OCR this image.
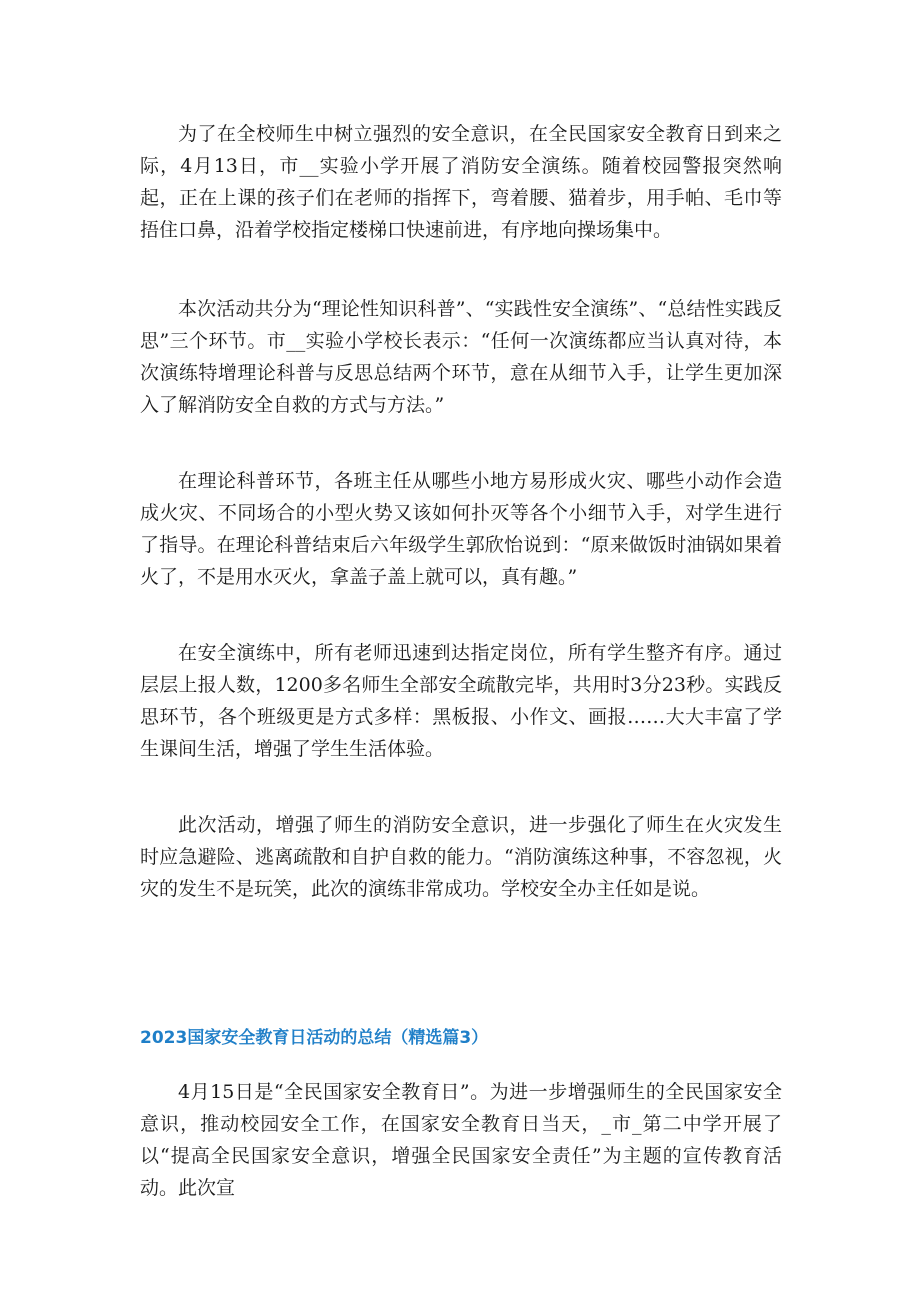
为了在全校师生中树立强烈的安全意识，在全民国家安全教育日到来之际，4月13日，市__实验小学开展了消防安全演练。随着校园警报突然响起，正在上课的孩子们在老师的指挥下，弯着腰、猫着步，用手帕、毛巾等捂住口鼻，沿着学校指定楼梯口快速前进，有序地向操场集中。

本次活动共分为“理论性知识科普”、“实践性安全演练”、“总结性实践反思”三个环节。市__实验小学校长表示：“任何一次演练都应当认真对待，本次演练特增理论科普与反思总结两个环节，意在从细节入手，让学生更加深入了解消防安全自救的方式与方法。”

在理论科普环节，各班主任从哪些小地方易形成火灾、哪些小动作会造成火灾、不同场合的小型火势又该如何扑灭等各个小细节入手，对学生进行了指导。在理论科普结束后六年级学生郭欣怡说到：“原来做饭时油锅如果着火了，不是用水灭火，拿盖子盖上就可以，真有趣。”

在安全演练中，所有老师迅速到达指定岗位，所有学生整齐有序。通过层层上报人数，1200多名师生全部安全疏散完毕，共用时3分23秒。实践反思环节，各个班级更是方式多样：黑板报、小作文、画报……大大丰富了学生课间生活，增强了学生生活体验。

此次活动，增强了师生的消防安全意识，进一步强化了师生在火灾发生时应急避险、逃离疏散和自护自救的能力。“消防演练这种事，不容忽视，火灾的发生不是玩笑，此次的演练非常成功。学校安全办主任如是说。

2023国家安全教育日活动的总结（精选篇3）

4月15日是“全民国家安全教育日”。为进一步增强师生的全民国家安全意识，推动校园安全工作，在国家安全教育日当天，_市_第二中学开展了以“提高全民国家安全意识，增强全民国家安全责任”为主题的宣传教育活动。此次宣
